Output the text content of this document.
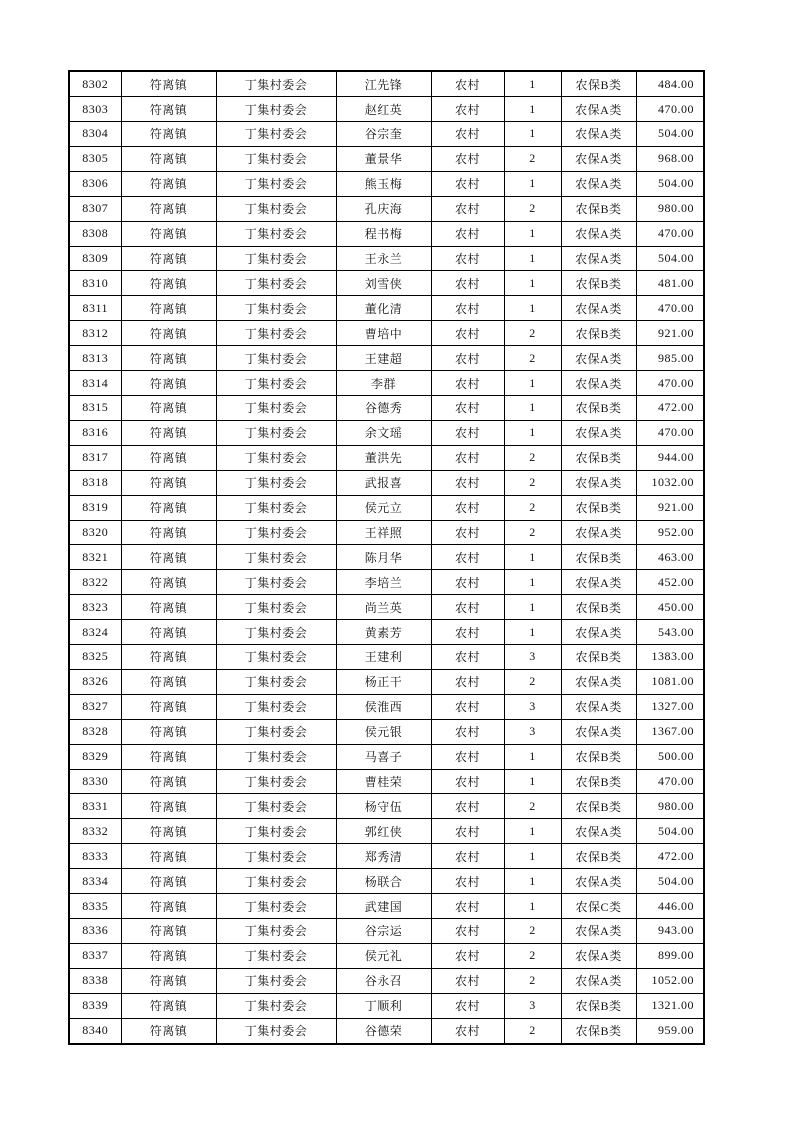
8302	符离镇	丁集村委会	江先锋	农村	1	农保B类	484.00
8303	符离镇	丁集村委会	赵红英	农村	1	农保A类	470.00
8304	符离镇	丁集村委会	谷宗奎	农村	1	农保A类	504.00
8305	符离镇	丁集村委会	董景华	农村	2	农保A类	968.00
8306	符离镇	丁集村委会	熊玉梅	农村	1	农保A类	504.00
8307	符离镇	丁集村委会	孔庆海	农村	2	农保B类	980.00
8308	符离镇	丁集村委会	程书梅	农村	1	农保A类	470.00
8309	符离镇	丁集村委会	王永兰	农村	1	农保A类	504.00
8310	符离镇	丁集村委会	刘雪侠	农村	1	农保B类	481.00
8311	符离镇	丁集村委会	董化清	农村	1	农保A类	470.00
8312	符离镇	丁集村委会	曹培中	农村	2	农保B类	921.00
8313	符离镇	丁集村委会	王建超	农村	2	农保A类	985.00
8314	符离镇	丁集村委会	李群	农村	1	农保A类	470.00
8315	符离镇	丁集村委会	谷德秀	农村	1	农保B类	472.00
8316	符离镇	丁集村委会	余文瑶	农村	1	农保A类	470.00
8317	符离镇	丁集村委会	董洪先	农村	2	农保B类	944.00
8318	符离镇	丁集村委会	武报喜	农村	2	农保A类	1032.00
8319	符离镇	丁集村委会	侯元立	农村	2	农保B类	921.00
8320	符离镇	丁集村委会	王祥照	农村	2	农保A类	952.00
8321	符离镇	丁集村委会	陈月华	农村	1	农保B类	463.00
8322	符离镇	丁集村委会	李培兰	农村	1	农保A类	452.00
8323	符离镇	丁集村委会	尚兰英	农村	1	农保B类	450.00
8324	符离镇	丁集村委会	黄素芳	农村	1	农保A类	543.00
8325	符离镇	丁集村委会	王建利	农村	3	农保B类	1383.00
8326	符离镇	丁集村委会	杨正干	农村	2	农保A类	1081.00
8327	符离镇	丁集村委会	侯淮西	农村	3	农保A类	1327.00
8328	符离镇	丁集村委会	侯元银	农村	3	农保A类	1367.00
8329	符离镇	丁集村委会	马喜子	农村	1	农保B类	500.00
8330	符离镇	丁集村委会	曹桂荣	农村	1	农保B类	470.00
8331	符离镇	丁集村委会	杨守伍	农村	2	农保B类	980.00
8332	符离镇	丁集村委会	郭红侠	农村	1	农保A类	504.00
8333	符离镇	丁集村委会	郑秀清	农村	1	农保B类	472.00
8334	符离镇	丁集村委会	杨联合	农村	1	农保A类	504.00
8335	符离镇	丁集村委会	武建国	农村	1	农保C类	446.00
8336	符离镇	丁集村委会	谷宗运	农村	2	农保A类	943.00
8337	符离镇	丁集村委会	侯元礼	农村	2	农保A类	899.00
8338	符离镇	丁集村委会	谷永召	农村	2	农保A类	1052.00
8339	符离镇	丁集村委会	丁顺利	农村	3	农保B类	1321.00
8340	符离镇	丁集村委会	谷德荣	农村	2	农保B类	959.00
